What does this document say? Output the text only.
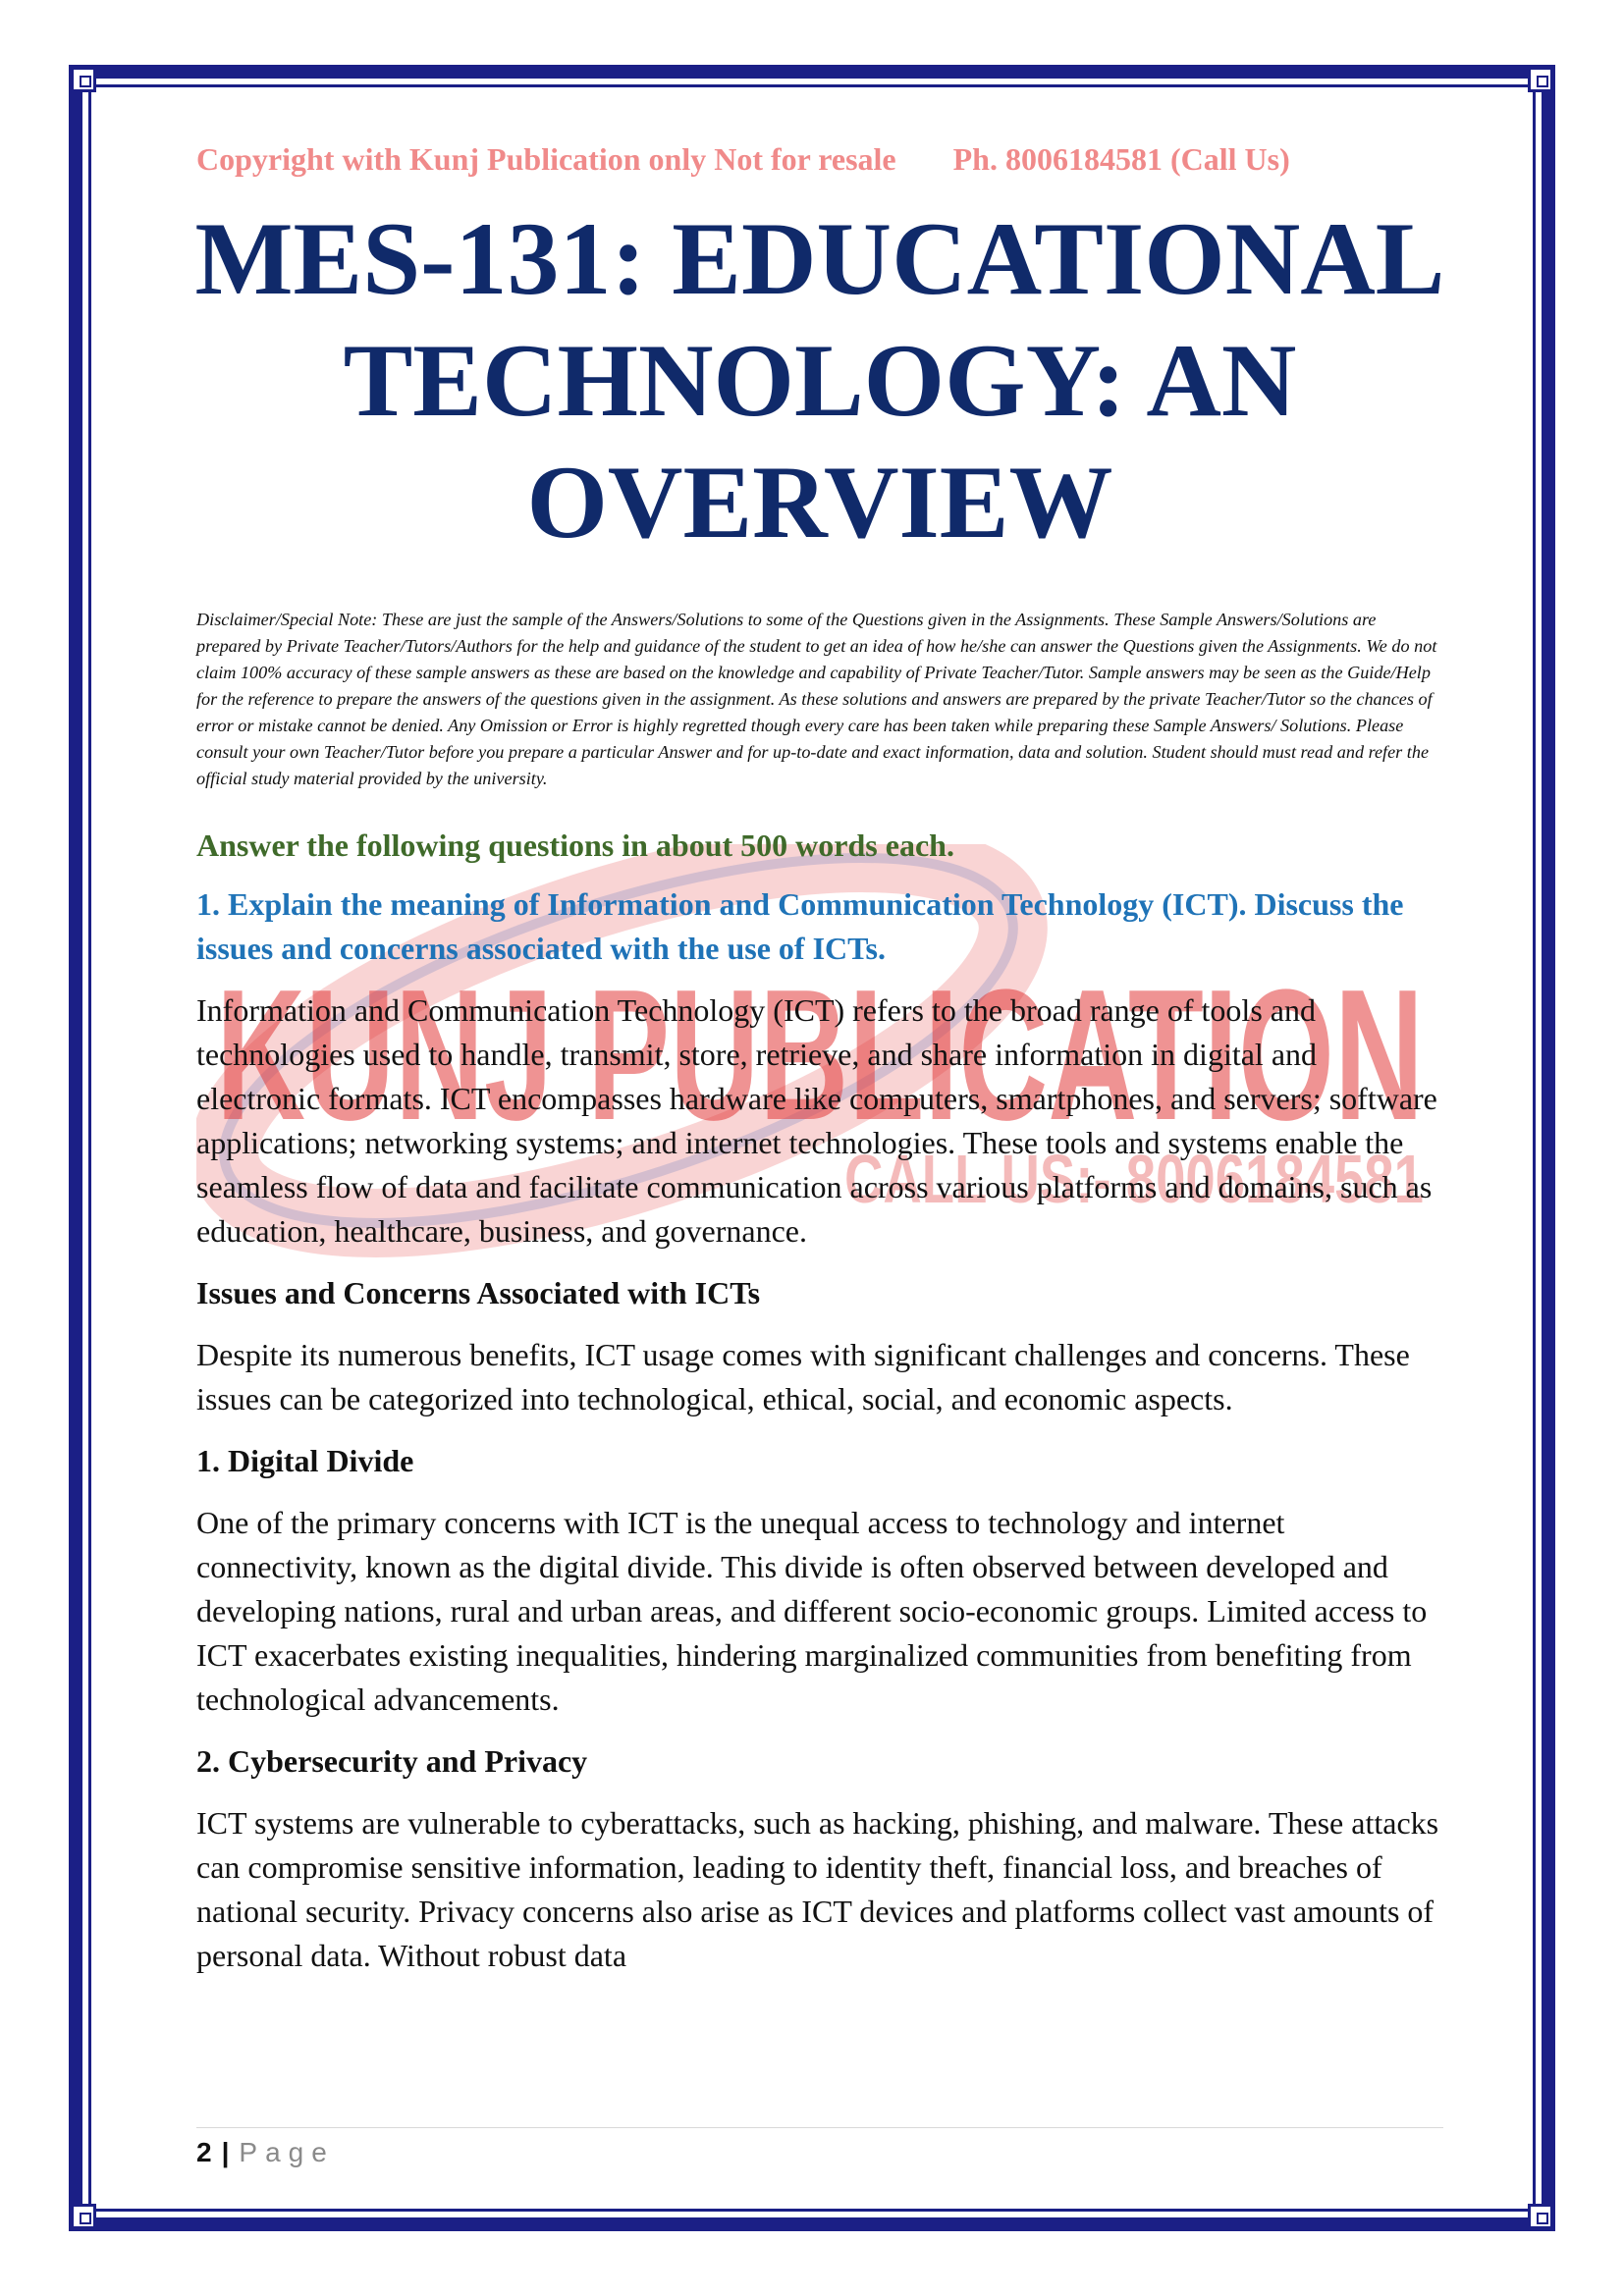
KUNJ PUBLICATION
CALL US:- 8006184581
Copyright with Kunj Publication only Not for resale Ph. 8006184581 (Call Us)
MES-131: EDUCATIONAL
TECHNOLOGY: AN
OVERVIEW
Disclaimer/Special Note: These are just the sample of the Answers/Solutions to some of the Questions given in the Assignments. These Sample Answers/Solutions are prepared by Private Teacher/Tutors/Authors for the help and guidance of the student to get an idea of how he/she can answer the Questions given the Assignments. We do not claim 100% accuracy of these sample answers as these are based on the knowledge and capability of Private Teacher/Tutor. Sample answers may be seen as the Guide/Help for the reference to prepare the answers of the questions given in the assignment. As these solutions and answers are prepared by the private Teacher/Tutor so the chances of error or mistake cannot be denied. Any Omission or Error is highly regretted though every care has been taken while preparing these Sample Answers/ Solutions. Please consult your own Teacher/Tutor before you prepare a particular Answer and for up-to-date and exact information, data and solution. Student should must read and refer the official study material provided by the university.
Answer the following questions in about 500 words each.
1. Explain the meaning of Information and Communication Technology (ICT). Discuss the issues and concerns associated with the use of ICTs.
Information and Communication Technology (ICT) refers to the broad range of tools and technologies used to handle, transmit, store, retrieve, and share information in digital and electronic formats. ICT encompasses hardware like computers, smartphones, and servers; software applications; networking systems; and internet technologies. These tools and systems enable the seamless flow of data and facilitate communication across various platforms and domains, such as education, healthcare, business, and governance.
Issues and Concerns Associated with ICTs
Despite its numerous benefits, ICT usage comes with significant challenges and concerns. These issues can be categorized into technological, ethical, social, and economic aspects.
1. Digital Divide
One of the primary concerns with ICT is the unequal access to technology and internet connectivity, known as the digital divide. This divide is often observed between developed and developing nations, rural and urban areas, and different socio-economic groups. Limited access to ICT exacerbates existing inequalities, hindering marginalized communities from benefiting from technological advancements.
2. Cybersecurity and Privacy
ICT systems are vulnerable to cyberattacks, such as hacking, phishing, and malware. These attacks can compromise sensitive information, leading to identity theft, financial loss, and breaches of national security. Privacy concerns also arise as ICT devices and platforms collect vast amounts of personal data. Without robust data
2 | Page
